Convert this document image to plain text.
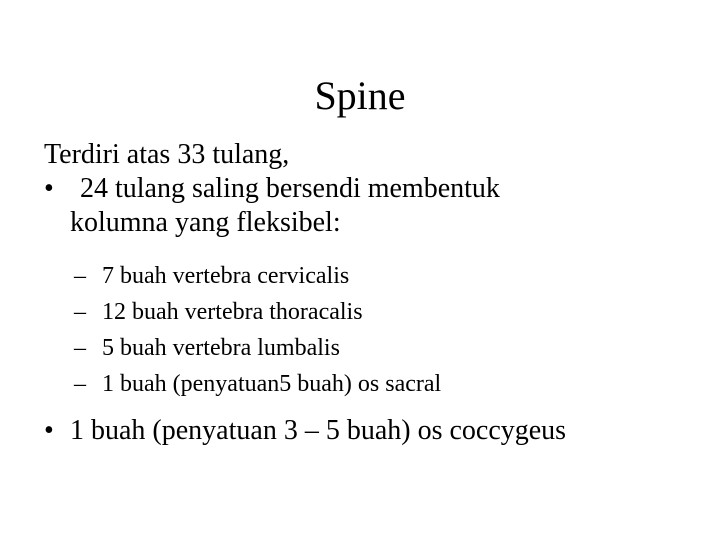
Spine
Terdiri atas 33 tulang,
• 24 tulang saling bersendi membentuk
kolumna yang fleksibel:
– 7 buah vertebra cervicalis
– 12 buah vertebra thoracalis
– 5 buah vertebra lumbalis
– 1 buah (penyatuan5 buah) os sacral
• 1 buah (penyatuan 3 – 5 buah) os coccygeus
